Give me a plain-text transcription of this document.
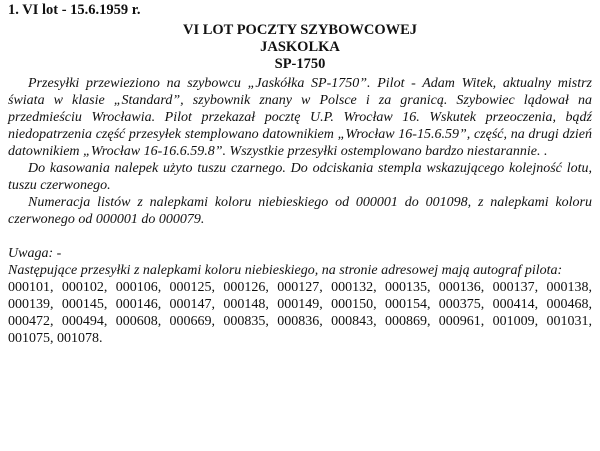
1. VI lot - 15.6.1959 r.

VI LOT POCZTY SZYBOWCOWEJ
JASKOLKA
SP-1750

Przesyłki przewieziono na szybowcu „Jaskółka SP-1750”. Pilot - Adam Witek, aktualny mistrz świata w klasie „Standard”, szybownik znany w Polsce i za granicą. Szybowiec lądował na przedmieściu Wrocławia. Pilot przekazał pocztę U.P. Wrocław 16. Wskutek przeoczenia, bądź niedopatrzenia część przesyłek stemplowano datownikiem „Wrocław 16-15.6.59”, część, na drugi dzień datownikiem „Wrocław 16-16.6.59.8”. Wszystkie przesyłki ostemplowano bardzo niestarannie. .

Do kasowania nalepek użyto tuszu czarnego. Do odciskania stempla wskazującego kolejność lotu, tuszu czerwonego.

Numeracja listów z nalepkami koloru niebieskiego od 000001 do 001098, z nalepkami koloru czerwonego od 000001 do 000079.

Uwaga: -

Następujące przesyłki z nalepkami koloru niebieskiego, na stronie adresowej mają autograf pilota:

000101, 000102, 000106, 000125, 000126, 000127, 000132, 000135, 000136, 000137, 000138, 000139, 000145, 000146, 000147, 000148, 000149, 000150, 000154, 000375, 000414, 000468, 000472, 000494, 000608, 000669, 000835, 000836, 000843, 000869, 000961, 001009, 001031, 001075, 001078.
